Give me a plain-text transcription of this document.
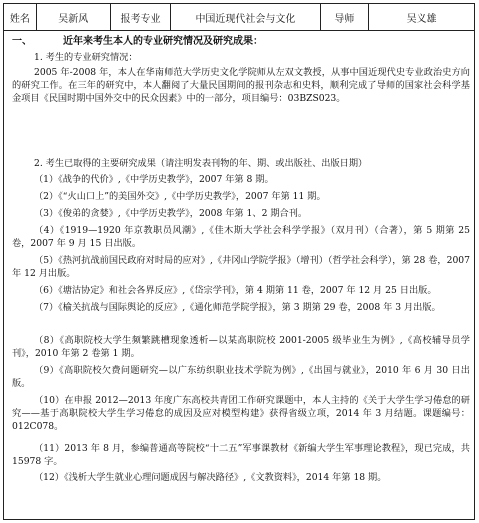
姓名	吴新风	报考专业	中国近现代社会与文化	导师	吴义雄
一、	近年来考生本人的专业研究情况及研究成果：
1. 考生的专业研究情况：
2005 年-2008 年，本人在华南师范大学历史文化学院师从左双文教授，从事中国近现代史专业政治史方向的研究工作。在三年的研究中，本人翻阅了大量民国期间的报刊杂志和史料，顺利完成了导师的国家社会科学基金项目《民国时期中国外交中的民众因素》中的一部分，项目编号：03BZS023。
2. 考生已取得的主要研究成果（请注明发表刊物的年、期、或出版社、出版日期）
（1）《战争的代价》,《中学历史教学》，2007 年第 8 期。
（2）《“火山口上”的美国外交》,《中学历史教学》，2007 年第 11 期。
（3）《俊弟的贪婪》,《中学历史教学》，2008 年第 1、2 期合刊。
（4）《1919—1920 年京教职员风潮》,《佳木斯大学社会科学学报》（双月刊）（合著），第 5 期第 25 卷，2007 年 9 月 15 日出版。
（5）《热河抗战前国民政府对时局的应对》,《井冈山学院学报》（增刊）（哲学社会科学），第 28 卷，2007 年 12 月出版。
（6）《塘沽协定》和社会各界反应》,《岱宗学刊》，第 4 期第 11 卷，2007 年 12 月 25 日出版。
（7）《榆关抗战与国际舆论的反应》,《通化师范学院学报》，第 3 期第 29 卷，2008 年 3 月出版。
（8）《高职院校大学生频繁跳槽现象透析—以某高职院校 2001-2005 级毕业生为例》,《高校辅导员学刊》，2010 年第 2 卷第 1 期。
（9）《高职院校欠费问题研究—以广东纺织职业技术学院为例》,《出国与就业》，2010 年 6 月 30 日出版。
（10）在申报 2012—2013 年度广东高校共青团工作研究课题中，本人主持的《关于大学生学习倦怠的研究——基于高职院校大学生学习倦怠的成因及应对模型构建》获得省级立项，2014 年 3 月结题。课题编号：012C078。
（11）2013 年 8 月，参编普通高等院校“十二五”军事课教材《新编大学生军事理论教程》，现已完成，共 15978 字。
（12）《浅析大学生就业心理问题成因与解决路径》,《文教资料》，2014 年第 18 期。
